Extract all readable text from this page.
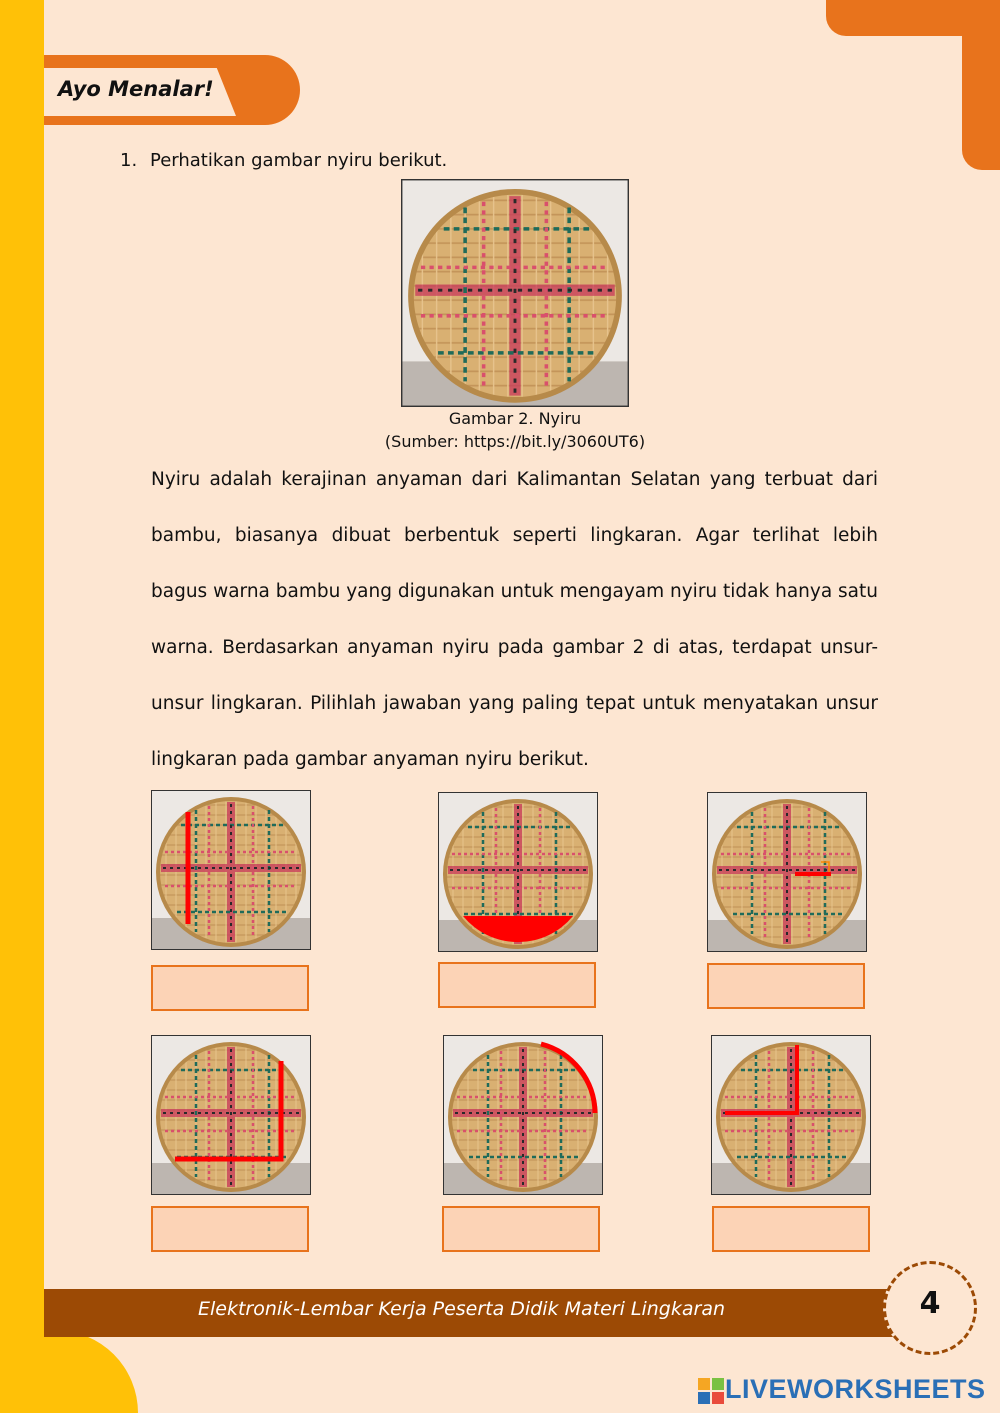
Ayo Menalar!
1. Perhatikan gambar nyiru berikut.
Gambar 2. Nyiru
(Sumber: https://bit.ly/3060UT6)
Nyiru adalah kerajinan anyaman dari Kalimantan Selatan yang terbuat dari bambu, biasanya dibuat berbentuk seperti lingkaran. Agar terlihat lebih bagus warna bambu yang digunakan untuk mengayam nyiru tidak hanya satu warna. Berdasarkan anyaman nyiru pada gambar 2 di atas, terdapat unsur-unsur lingkaran. Pilihlah jawaban yang paling tepat untuk menyatakan unsur lingkaran pada gambar anyaman nyiru berikut.
Elektronik-Lembar Kerja Peserta Didik Materi Lingkaran	4
LIVEWORKSHEETS
